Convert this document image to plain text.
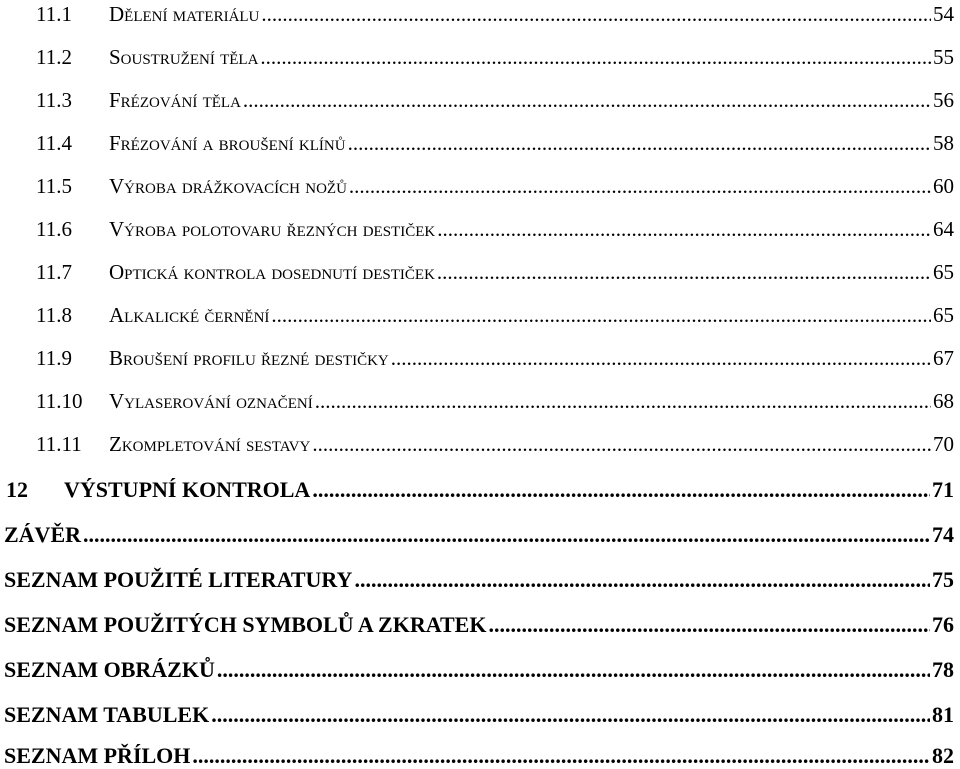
11.1	Dělení materiálu .....	54
11.2	Soustružení těla .....	55
11.3	Frézování těla .....	56
11.4	Frézování a broušení klínů .....	58
11.5	Výroba drážkovacích nožů .....	60
11.6	Výroba polotovaru řezných destiček .....	64
11.7	Optická kontrola dosednutí destiček .....	65
11.8	Alkalické černění .....	65
11.9	Broušení profilu řezné destičky .....	67
11.10	Vylaserování označení .....	68
11.11	Zkompletování sestavy .....	70
12	VÝSTUPNÍ KONTROLA .....	71
ZÁVĚR .....	74
SEZNAM POUŽITÉ LITERATURY .....	75
SEZNAM POUŽITÝCH SYMBOLŮ A ZKRATEK .....	76
SEZNAM OBRÁZKŮ .....	78
SEZNAM TABULEK .....	81
SEZNAM PŘÍLOH .....	82
